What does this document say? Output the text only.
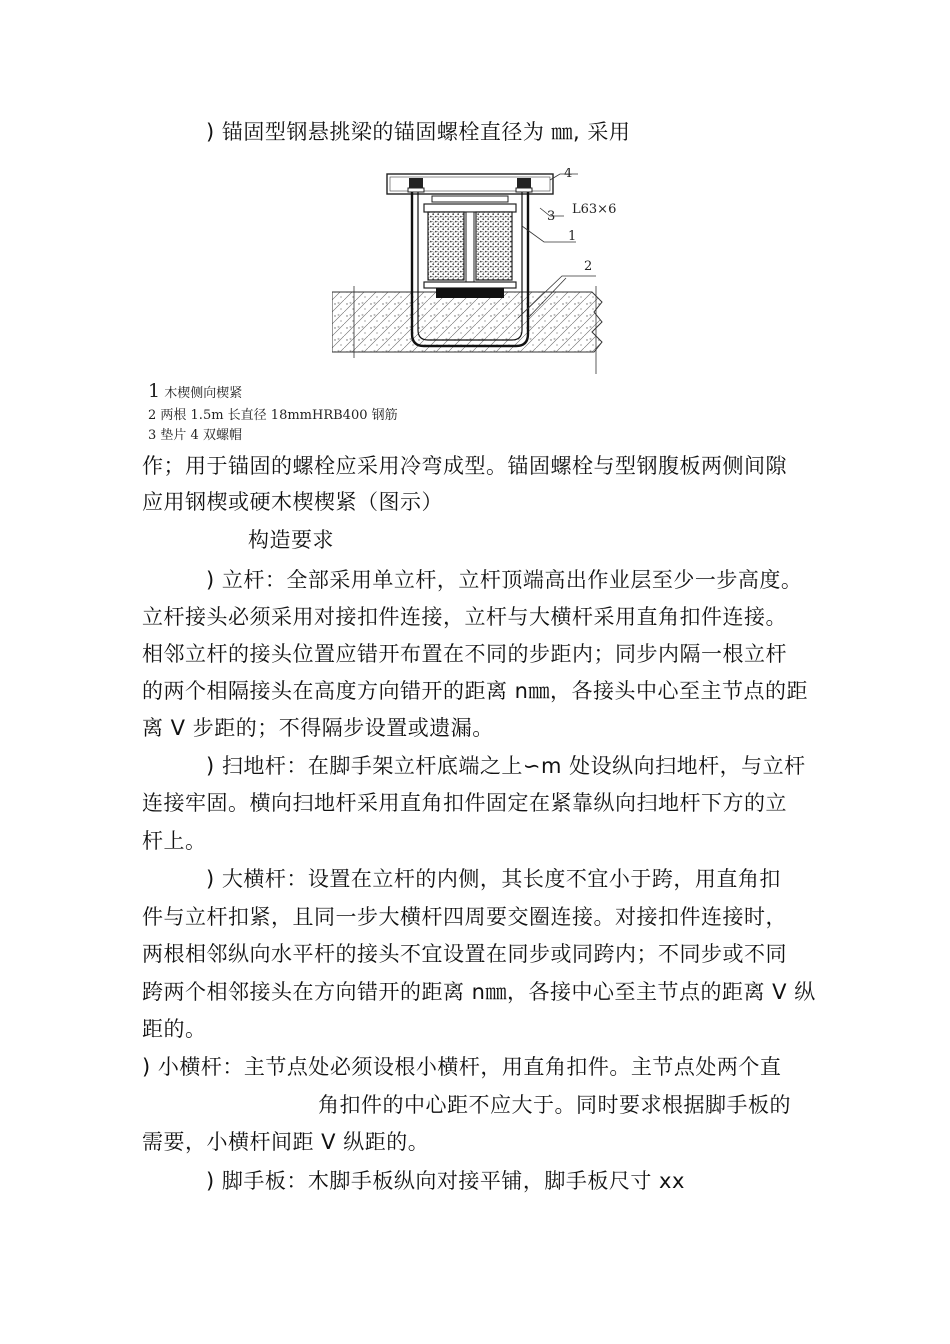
) 锚固型钢悬挑梁的锚固螺栓直径为 ㎜, 采用
4
L63×6
3
1
2
1 木楔侧向楔紧
2 两根 1.5m 长直径 18mmHRB400 钢筋
3 垫片 4 双螺帽
作；用于锚固的螺栓应采用冷弯成型。锚固螺栓与型钢腹板两侧间隙
应用钢楔或硬木楔楔紧（图示）
构造要求
) 立杆：全部采用单立杆，立杆顶端高出作业层至少一步高度。
立杆接头必须采用对接扣件连接，立杆与大横杆采用直角扣件连接。
相邻立杆的接头位置应错开布置在不同的步距内；同步内隔一根立杆
的两个相隔接头在高度方向错开的距离 n㎜，各接头中心至主节点的距
离 V 步距的；不得隔步设置或遗漏。
) 扫地杆：在脚手架立杆底端之上∽m 处设纵向扫地杆，与立杆
连接牢固。横向扫地杆采用直角扣件固定在紧靠纵向扫地杆下方的立
杆上。
) 大横杆：设置在立杆的内侧，其长度不宜小于跨，用直角扣
件与立杆扣紧，且同一步大横杆四周要交圈连接。对接扣件连接时，
两根相邻纵向水平杆的接头不宜设置在同步或同跨内；不同步或不同
跨两个相邻接头在方向错开的距离 n㎜，各接中心至主节点的距离 V 纵
距的。
) 小横杆：主节点处必须设根小横杆，用直角扣件。主节点处两个直
角扣件的中心距不应大于。同时要求根据脚手板的
需要，小横杆间距 V 纵距的。
) 脚手板：木脚手板纵向对接平铺，脚手板尺寸 xx
